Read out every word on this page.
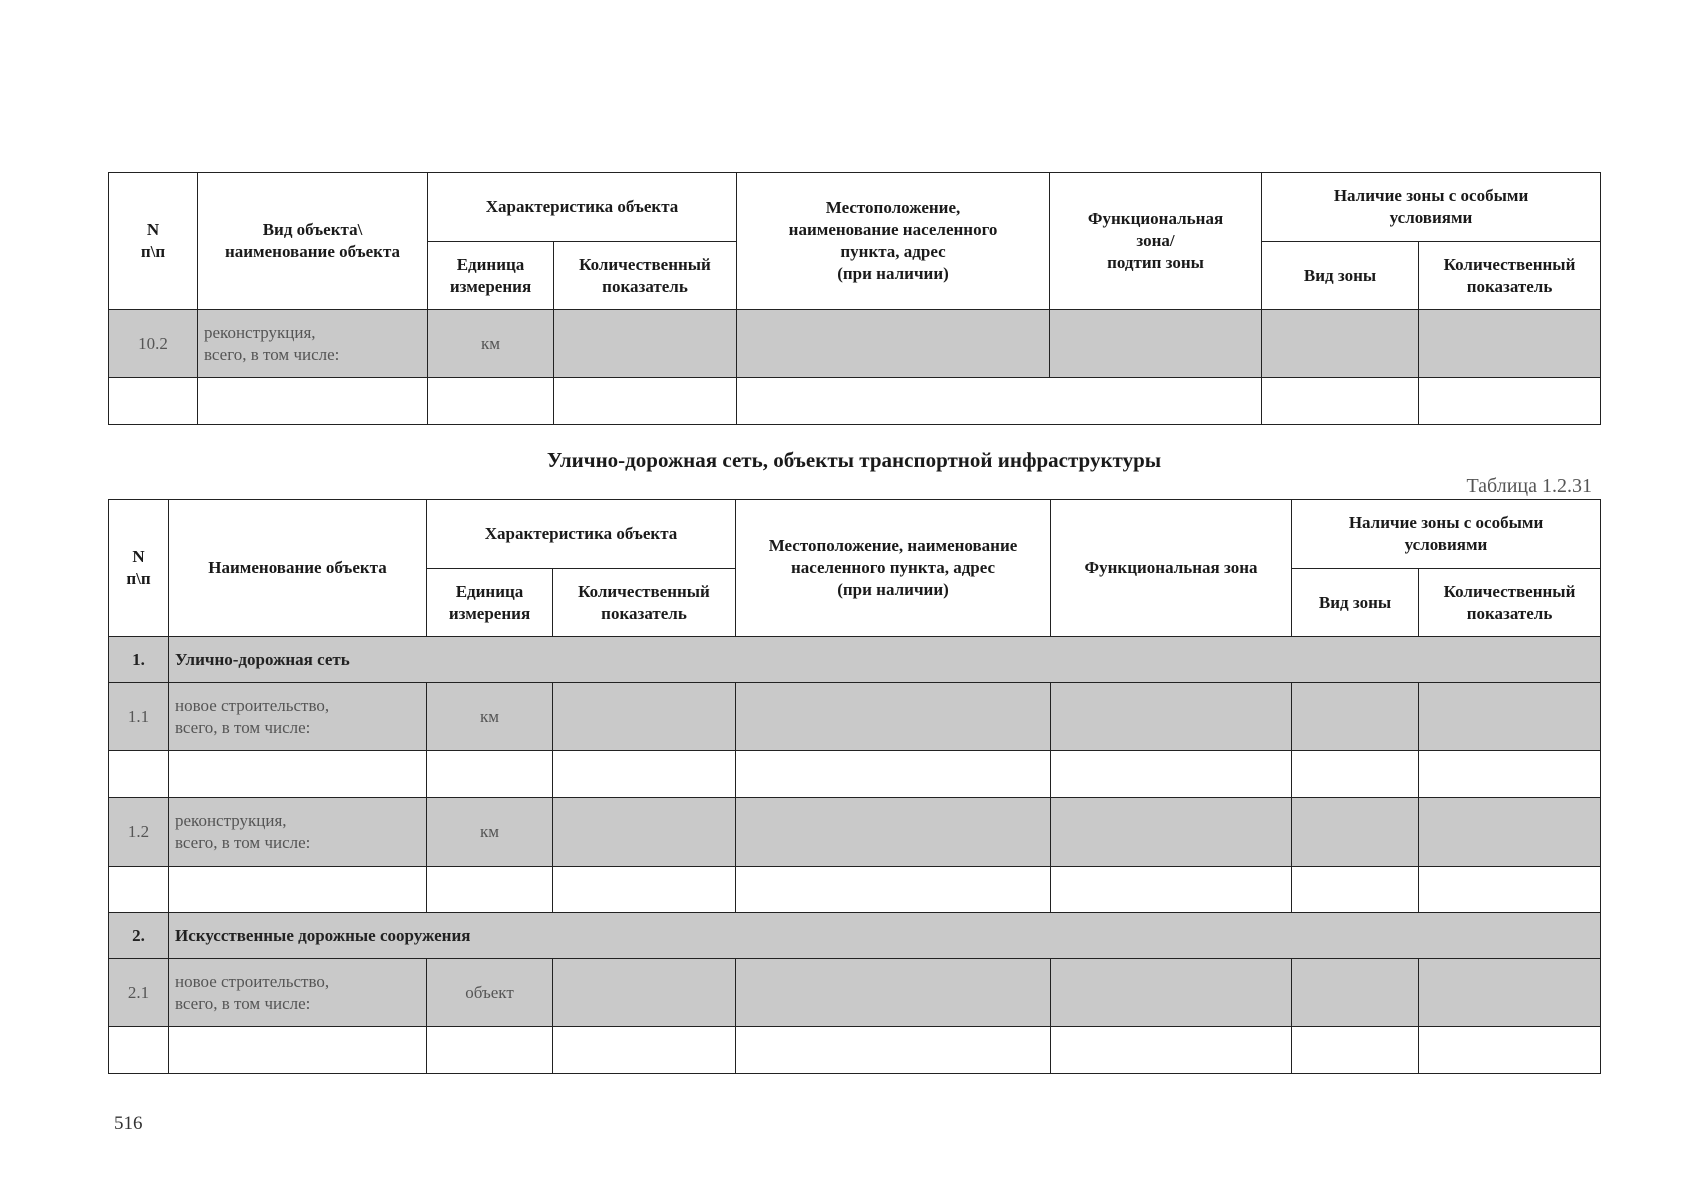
N
п\п	Вид объекта\
наименование объекта	Характеристика объекта		Местоположение,
наименование населенного
пункта, адрес
(при наличии)	Функциональная
зона/
подтип зоны	Наличие зоны с особыми
условиями	
		Единица
измерения	Количественный
показатель			Вид зоны	Количественный
показатель
10.2	реконструкция,
всего, в том числе:	км					

Улично-дорожная сеть, объекты транспортной инфраструктуры
Таблица 1.2.31
N
п\п	Наименование объекта	Характеристика объекта		Местоположение, наименование
населенного пункта, адрес
(при наличии)	Функциональная зона	Наличие зоны с особыми
условиями	
		Единица
измерения	Количественный
показатель			Вид зоны	Количественный
показатель
1.	Улично-дорожная сеть						
1.1	новое строительство,
всего, в том числе:	км					

1.2	реконструкция,
всего, в том числе:	км					

2.	Искусственные дорожные сооружения						
2.1	новое строительство,
всего, в том числе:	объект					

516
